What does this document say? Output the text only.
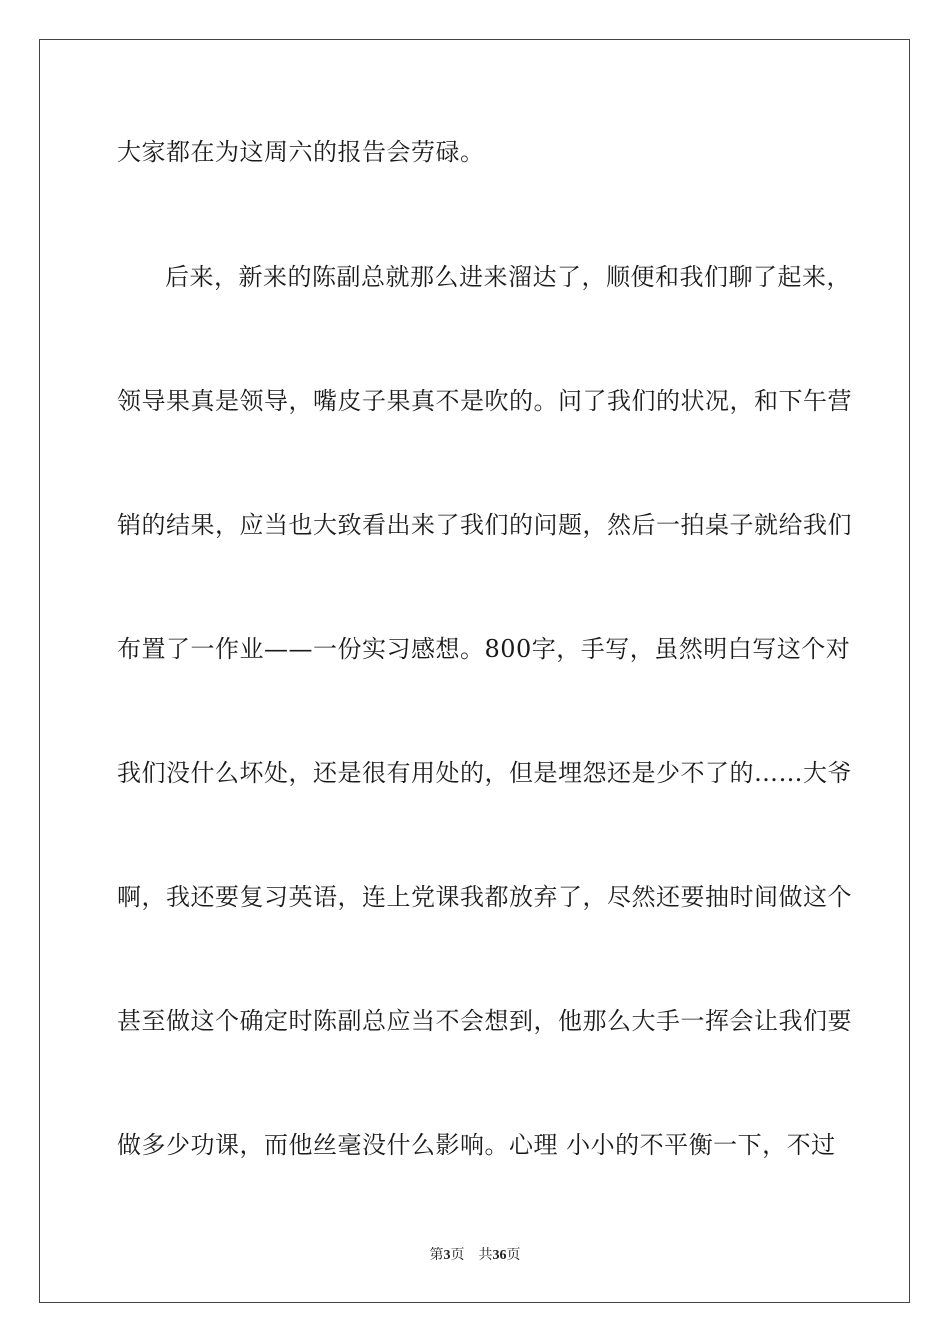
大家都在为这周六的报告会劳碌。
后来，新来的陈副总就那么进来溜达了，顺便和我们聊了起来，
领导果真是领导，嘴皮子果真不是吹的。问了我们的状况，和下午营
销的结果，应当也大致看出来了我们的问题，然后一拍桌子就给我们
布置了一作业——一份实习感想。800字，手写，虽然明白写这个对
我们没什么坏处，还是很有用处的，但是埋怨还是少不了的……大爷
啊，我还要复习英语，连上党课我都放弃了，尽然还要抽时间做这个
甚至做这个确定时陈副总应当不会想到，他那么大手一挥会让我们要
做多少功课，而他丝毫没什么影响。心理 小小的不平衡一下，不过
第3页 共36页
